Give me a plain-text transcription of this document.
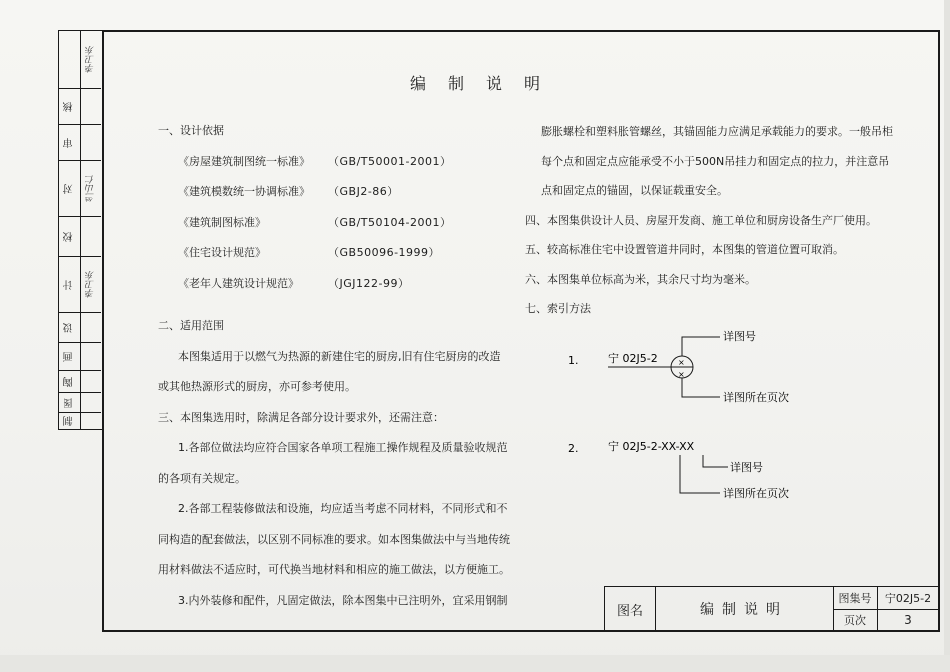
李卫东
核
审
对	竺山仁
校
计	李卫东
设
画
陶
图
制
编制说明

一、设计依据

《房屋建筑制图统一标准》 （GB/T50001-2001）

《建筑模数统一协调标准》 （GBJ2-86）

《建筑制图标准》	（GB/T50104-2001）

《住宅设计规范》	（GB50096-1999）

《老年人建筑设计规范》	（JGJ122-99）

二、适用范围

本图集适用于以燃气为热源的新建住宅的厨房,旧有住宅厨房的改造

或其他热源形式的厨房，亦可参考使用。

三、本图集选用时，除满足各部分设计要求外，还需注意：

1.各部位做法均应符合国家各单项工程施工操作规程及质量验收规范

的各项有关规定。

2.各部工程装修做法和设施，均应适当考虑不同材料，不同形式和不

同构造的配套做法，以区别不同标准的要求。如本图集做法中与当地传统

用材料做法不适应时，可代换当地材料和相应的施工做法，以方便施工。

3.内外装修和配件，凡固定做法，除本图集中已注明外，宜采用钢制

膨胀螺栓和塑料胀管螺丝，其锚固能力应满足承载能力的要求。一般吊柜

每个点和固定点应能承受不小于500N吊挂力和固定点的拉力，并注意吊

点和固定点的锚固，以保证载重安全。

四、本图集供设计人员、房屋开发商、施工单位和厨房设备生产厂使用。

五、较高标准住宅中设置管道井同时，本图集的管道位置可取消。

六、本图集单位标高为米，其余尺寸均为毫米。

七、索引方法

1.	宁 02J5-2	×
×
详图号
详图所在页次
2.	宁 02J5-2-XX-XX
详图号
详图所在页次
图名	编制说明
图集号	宁02J5-2
页次	3
